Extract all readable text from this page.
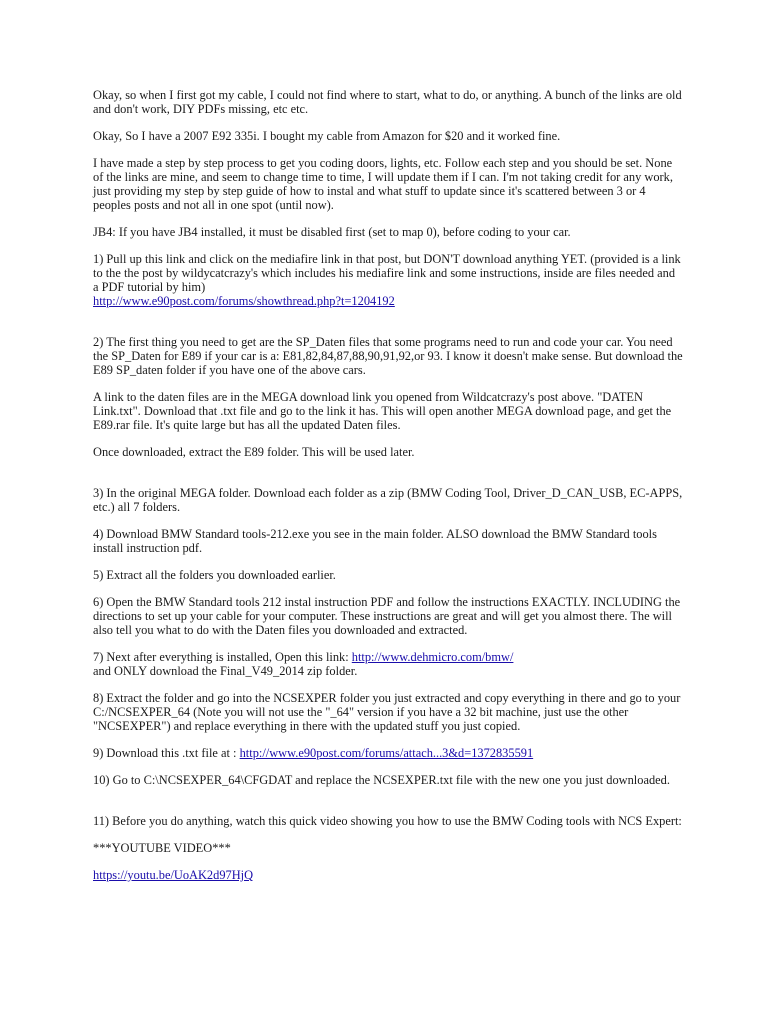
Okay, so when I first got my cable, I could not find where to start, what to do, or anything. A bunch of the links are old and don't work, DIY PDFs missing, etc etc.

Okay, So I have a 2007 E92 335i. I bought my cable from Amazon for $20 and it worked fine.

I have made a step by step process to get you coding doors, lights, etc. Follow each step and you should be set. None of the links are mine, and seem to change time to time, I will update them if I can. I'm not taking credit for any work, just providing my step by step guide of how to instal and what stuff to update since it's scattered between 3 or 4 peoples posts and not all in one spot (until now).

JB4: If you have JB4 installed, it must be disabled first (set to map 0), before coding to your car.

1) Pull up this link and click on the mediafire link in that post, but DON'T download anything YET. (provided is a link to the the post by wildycatcrazy's which includes his mediafire link and some instructions, inside are files needed and a PDF tutorial by him)
http://www.e90post.com/forums/showthread.php?t=1204192

2) The first thing you need to get are the SP_Daten files that some programs need to run and code your car. You need the SP_Daten for E89 if your car is a: E81,82,84,87,88,90,91,92,or 93. I know it doesn't make sense. But download the E89 SP_daten folder if you have one of the above cars.

A link to the daten files are in the MEGA download link you opened from Wildcatcrazy's post above. "DATEN Link.txt". Download that .txt file and go to the link it has. This will open another MEGA download page, and get the E89.rar file. It's quite large but has all the updated Daten files.

Once downloaded, extract the E89 folder. This will be used later.

3) In the original MEGA folder. Download each folder as a zip (BMW Coding Tool, Driver_D_CAN_USB, EC-APPS, etc.) all 7 folders.

4) Download BMW Standard tools-212.exe you see in the main folder. ALSO download the BMW Standard tools install instruction pdf.

5) Extract all the folders you downloaded earlier.

6) Open the BMW Standard tools 212 instal instruction PDF and follow the instructions EXACTLY. INCLUDING the directions to set up your cable for your computer. These instructions are great and will get you almost there. The will also tell you what to do with the Daten files you downloaded and extracted.

7) Next after everything is installed, Open this link: http://www.dehmicro.com/bmw/
and ONLY download the Final_V49_2014 zip folder.

8) Extract the folder and go into the NCSEXPER folder you just extracted and copy everything in there and go to your C:/NCSEXPER_64 (Note you will not use the "_64" version if you have a 32 bit machine, just use the other "NCSEXPER") and replace everything in there with the updated stuff you just copied.

9) Download this .txt file at : http://www.e90post.com/forums/attach...3&d=1372835591

10) Go to C:\NCSEXPER_64\CFGDAT and replace the NCSEXPER.txt file with the new one you just downloaded.

11) Before you do anything, watch this quick video showing you how to use the BMW Coding tools with NCS Expert:

***YOUTUBE VIDEO***

https://youtu.be/UoAK2d97HjQ
